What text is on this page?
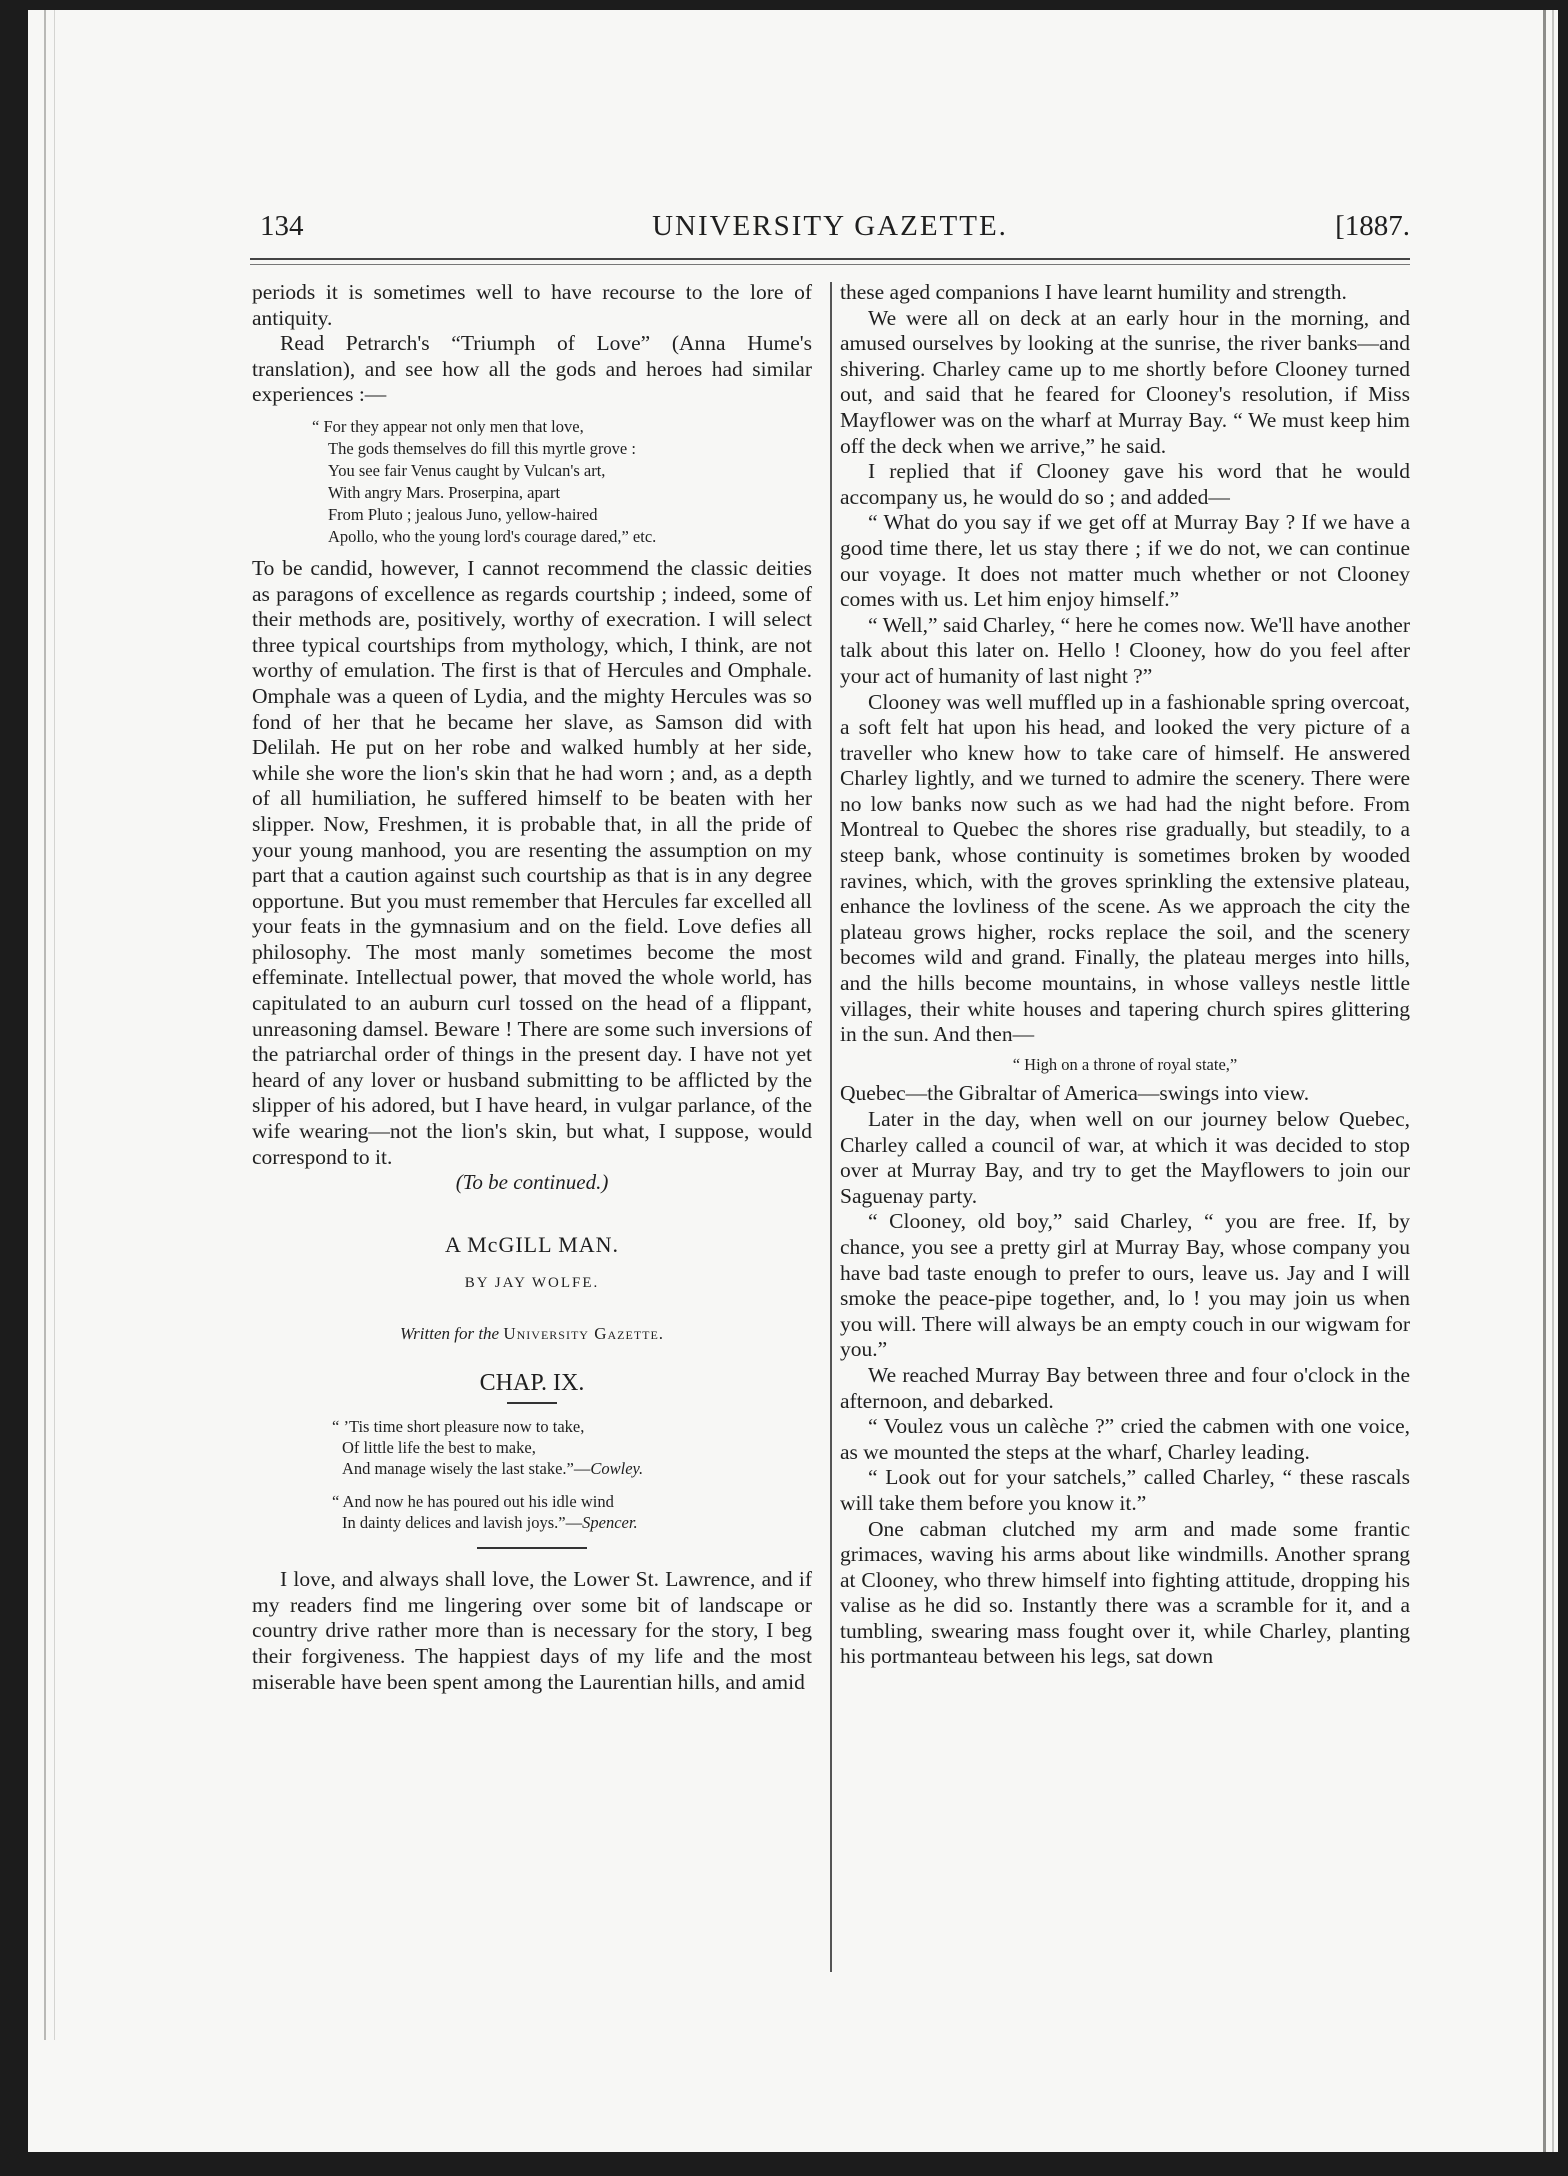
134	UNIVERSITY GAZETTE.	[1887.

periods it is sometimes well to have recourse to the lore of antiquity.

Read Petrarch's “Triumph of Love” (Anna Hume's translation), and see how all the gods and heroes had similar experiences :—

“ For they appear not only men that love,
The gods themselves do fill this myrtle grove :
You see fair Venus caught by Vulcan's art,
With angry Mars. Proserpina, apart
From Pluto ; jealous Juno, yellow-haired
Apollo, who the young lord's courage dared,” etc.

To be candid, however, I cannot recommend the classic deities as paragons of excellence as regards courtship ; indeed, some of their methods are, positively, worthy of execration. I will select three typical courtships from mythology, which, I think, are not worthy of emulation. The first is that of Hercules and Omphale. Omphale was a queen of Lydia, and the mighty Hercules was so fond of her that he became her slave, as Samson did with Delilah. He put on her robe and walked humbly at her side, while she wore the lion's skin that he had worn ; and, as a depth of all humiliation, he suffered himself to be beaten with her slipper. Now, Freshmen, it is probable that, in all the pride of your young manhood, you are resenting the assumption on my part that a caution against such courtship as that is in any degree opportune. But you must remember that Hercules far excelled all your feats in the gymnasium and on the field. Love defies all philosophy. The most manly sometimes become the most effeminate. Intellectual power, that moved the whole world, has capitulated to an auburn curl tossed on the head of a flippant, unreasoning damsel. Beware ! There are some such inversions of the patriarchal order of things in the present day. I have not yet heard of any lover or husband submitting to be afflicted by the slipper of his adored, but I have heard, in vulgar parlance, of the wife wearing—not the lion's skin, but what, I suppose, would correspond to it.

(To be continued.)

A McGILL MAN.
BY JAY WOLFE.
Written for the University Gazette.
CHAP. IX.
“ ’Tis time short pleasure now to take,
Of little life the best to make,
And manage wisely the last stake.”—Cowley.
“ And now he has poured out his idle wind
In dainty delices and lavish joys.”—Spencer.

I love, and always shall love, the Lower St. Lawrence, and if my readers find me lingering over some bit of landscape or country drive rather more than is necessary for the story, I beg their forgiveness. The happiest days of my life and the most miserable have been spent among the Laurentian hills, and amid

these aged companions I have learnt humility and strength.

We were all on deck at an early hour in the morning, and amused ourselves by looking at the sunrise, the river banks—and shivering. Charley came up to me shortly before Clooney turned out, and said that he feared for Clooney's resolution, if Miss Mayflower was on the wharf at Murray Bay. “ We must keep him off the deck when we arrive,” he said.

I replied that if Clooney gave his word that he would accompany us, he would do so ; and added—

“ What do you say if we get off at Murray Bay ? If we have a good time there, let us stay there ; if we do not, we can continue our voyage. It does not matter much whether or not Clooney comes with us. Let him enjoy himself.”

“ Well,” said Charley, “ here he comes now. We'll have another talk about this later on. Hello ! Clooney, how do you feel after your act of humanity of last night ?”

Clooney was well muffled up in a fashionable spring overcoat, a soft felt hat upon his head, and looked the very picture of a traveller who knew how to take care of himself. He answered Charley lightly, and we turned to admire the scenery. There were no low banks now such as we had had the night before. From Montreal to Quebec the shores rise gradually, but steadily, to a steep bank, whose continuity is sometimes broken by wooded ravines, which, with the groves sprinkling the extensive plateau, enhance the lovliness of the scene. As we approach the city the plateau grows higher, rocks replace the soil, and the scenery becomes wild and grand. Finally, the plateau merges into hills, and the hills become mountains, in whose valleys nestle little villages, their white houses and tapering church spires glittering in the sun. And then—

“ High on a throne of royal state,”

Quebec—the Gibraltar of America—swings into view.

Later in the day, when well on our journey below Quebec, Charley called a council of war, at which it was decided to stop over at Murray Bay, and try to get the Mayflowers to join our Saguenay party.

“ Clooney, old boy,” said Charley, “ you are free. If, by chance, you see a pretty girl at Murray Bay, whose company you have bad taste enough to prefer to ours, leave us. Jay and I will smoke the peace-pipe together, and, lo ! you may join us when you will. There will always be an empty couch in our wigwam for you.”

We reached Murray Bay between three and four o'clock in the afternoon, and debarked.

“ Voulez vous un calèche ?” cried the cabmen with one voice, as we mounted the steps at the wharf, Charley leading.

“ Look out for your satchels,” called Charley, “ these rascals will take them before you know it.”

One cabman clutched my arm and made some frantic grimaces, waving his arms about like windmills. Another sprang at Clooney, who threw himself into fighting attitude, dropping his valise as he did so. Instantly there was a scramble for it, and a tumbling, swearing mass fought over it, while Charley, planting his portmanteau between his legs, sat down
